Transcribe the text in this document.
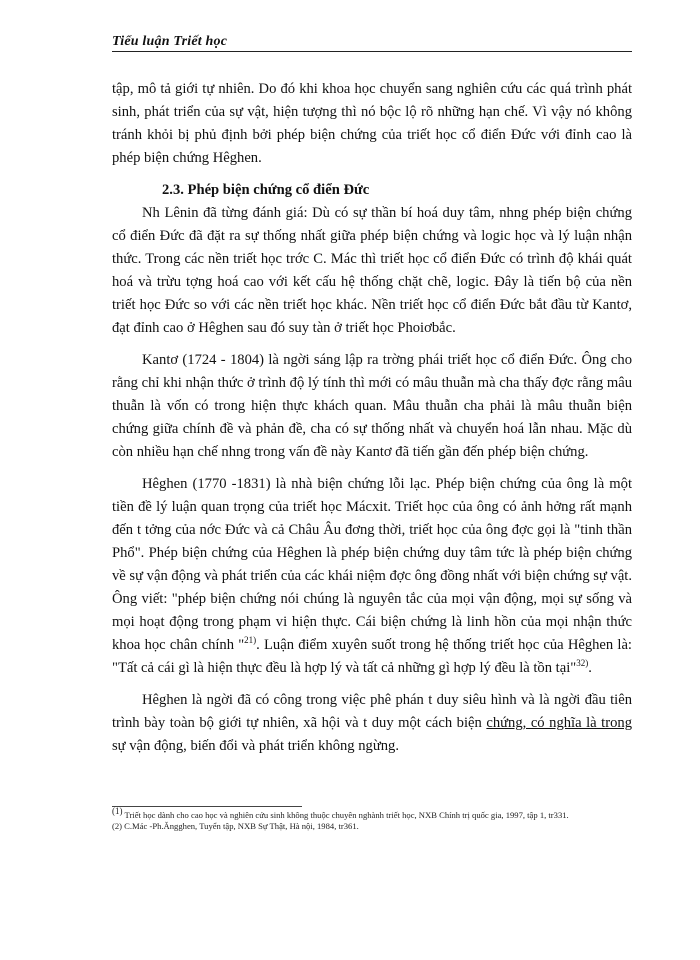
Tiểu luận Triết học

tập, mô tả giới tự nhiên. Do đó khi khoa học chuyển sang nghiên cứu các quá trình phát sinh, phát triển của sự vật, hiện tượng thì nó bộc lộ rõ những hạn chế. Vì vậy nó không tránh khỏi bị phủ định bởi phép biện chứng của triết học cổ điển Đức với đỉnh cao là phép biện chứng Hêghen.

2.3. Phép biện chứng cổ điển Đức

Nh Lênin đã từng đánh giá: Dù có sự thần bí hoá duy tâm, nhng phép biện chứng cổ điển Đức đã đặt ra sự thống nhất giữa phép biện chứng và logic học và lý luận nhận thức. Trong các nền triết học trớc C. Mác thì triết học cổ điển Đức có trình độ khái quát hoá và trừu tợng hoá cao với kết cấu hệ thống chặt chẽ, logic. Đây là tiến bộ của nền triết học Đức so với các nền triết học khác. Nền triết học cổ điển Đức bắt đầu từ Kantơ, đạt đỉnh cao ở Hêghen sau đó suy tàn ở triết học Phoiơbắc.

Kantơ (1724 - 1804) là ngời sáng lập ra trờng phái triết học cổ điển Đức. Ông cho rằng chỉ khi nhận thức ở trình độ lý tính thì mới có mâu thuẫn mà cha thấy đợc rằng mâu thuẫn là vốn có trong hiện thực khách quan. Mâu thuẫn cha phải là mâu thuẫn biện chứng giữa chính đề và phản đề, cha có sự thống nhất và chuyển hoá lẫn nhau. Mặc dù còn nhiều hạn chế nhng trong vấn đề này Kantơ đã tiến gần đến phép biện chứng.

Hêghen (1770 -1831) là nhà biện chứng lỗi lạc. Phép biện chứng của ông là một tiền đề lý luận quan trọng của triết học Mácxit. Triết học của ông có ảnh hởng rất mạnh đến t tởng của nớc Đức và cả Châu Âu đơng thời, triết học của ông đợc gọi là "tinh thần Phổ". Phép biện chứng của Hêghen là phép biện chứng duy tâm tức là phép biện chứng về sự vận động và phát triển của các khái niệm đợc ông đồng nhất với biện chứng sự vật. Ông viết: "phép biện chứng nói chúng là nguyên tắc của mọi vận động, mọi sự sống và mọi hoạt động trong phạm vi hiện thực. Cái biện chứng là linh hồn của mọi nhận thức khoa học chân chính "$^{21)}$. Luận điểm xuyên suốt trong hệ thống triết học của Hêghen là: "Tất cả cái gì là hiện thực đều là hợp lý và tất cả những gì hợp lý đều là tồn tại"$^{32)}$.

Hêghen là ngời đã có công trong việc phê phán t duy siêu hình và là ngời đầu tiên trình bày toàn bộ giới tự nhiên, xã hội và t duy một cách biện chứng, có nghĩa là trong sự vận động, biến đổi và phát triển không ngừng.

$^{(1)}$ Triết học dành cho cao học và nghiên cứu sinh không thuộc chuyên nghành triết học, NXB Chính trị quốc gia, 1997, tập 1, tr331.

(2) C.Mác -Ph.Ăngghen, Tuyển tập, NXB Sự Thật, Hà nội, 1984, tr361.
